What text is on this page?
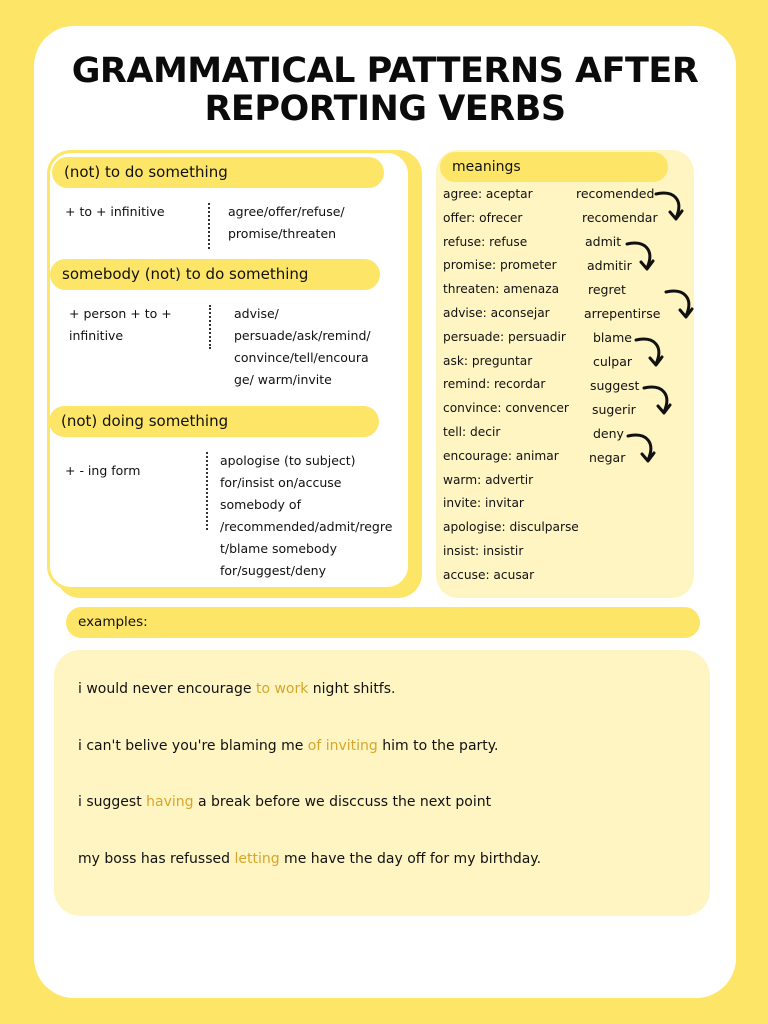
GRAMMATICAL PATTERNS AFTER
REPORTING VERBS
(not) to do something
+ to + infinitive	agree/offer/refuse/
promise/threaten
somebody (not) to do something
+ person + to +
infinitive
advise/
persuade/ask/remind/
convince/tell/encoura
ge/ warm/invite
(not) doing something
+ - ing form
apologise (to subject)
for/insist on/accuse
somebody of
/recommended/admit/regre
t/blame somebody
for/suggest/deny
meanings
agree: aceptar
offer: ofrecer
refuse: refuse
promise: prometer
threaten: amenaza
advise: aconsejar
persuade: persuadir
ask: preguntar
remind: recordar
convince: convencer
tell: decir
encourage: animar
warm: advertir
invite: invitar
apologise: disculparse
insist: insistir
accuse: acusar
recomended
recomendar
admit
admitir
regret
arrepentirse
blame
culpar
suggest
sugerir
deny
negar
examples:
i would never encourage to work night shitfs.
i can't belive you're blaming me of inviting him to the party.
i suggest having a break before we disccuss the next point
my boss has refussed letting me have the day off for my birthday.
